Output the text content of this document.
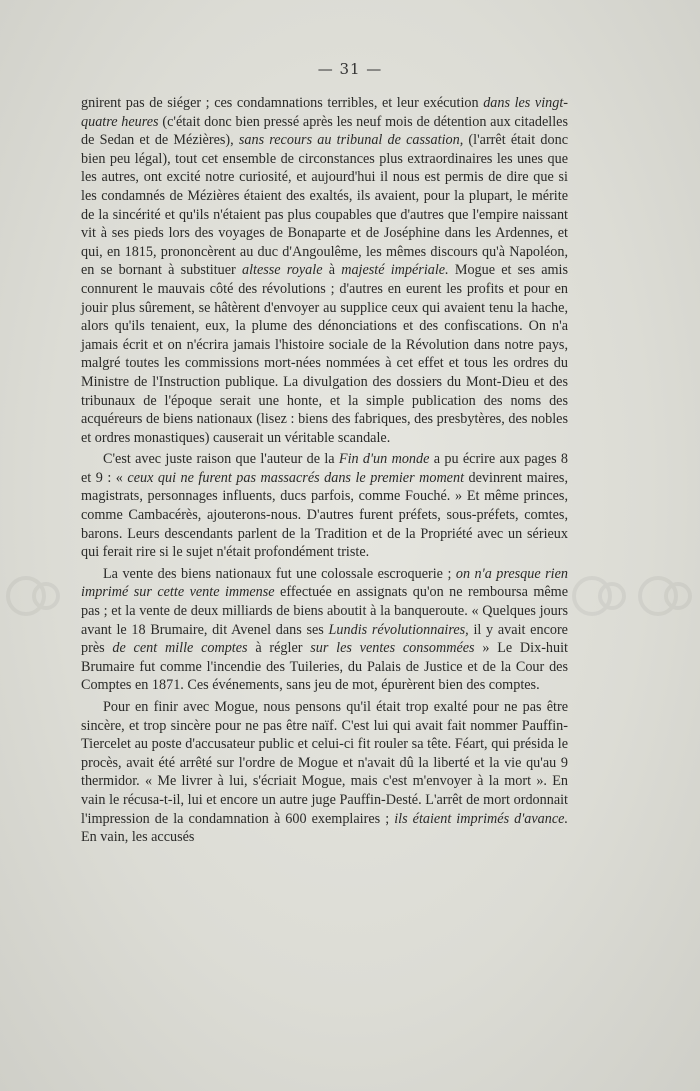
— 31 —

gnirent pas de siéger ; ces condamnations terribles, et leur exécution dans les vingt-quatre heures (c'était donc bien pressé après les neuf mois de détention aux citadelles de Sedan et de Mézières), sans recours au tribunal de cassation, (l'arrêt était donc bien peu légal), tout cet ensemble de circonstances plus extraordinaires les unes que les autres, ont excité notre curiosité, et aujourd'hui il nous est permis de dire que si les condamnés de Mézières étaient des exaltés, ils avaient, pour la plupart, le mérite de la sincérité et qu'ils n'étaient pas plus coupables que d'autres que l'empire naissant vit à ses pieds lors des voyages de Bonaparte et de Joséphine dans les Ardennes, et qui, en 1815, prononcèrent au duc d'Angoulême, les mêmes discours qu'à Napoléon, en se bornant à substituer altesse royale à majesté impériale. Mogue et ses amis connurent le mauvais côté des révolutions ; d'autres en eurent les profits et pour en jouir plus sûrement, se hâtèrent d'envoyer au supplice ceux qui avaient tenu la hache, alors qu'ils tenaient, eux, la plume des dénonciations et des confiscations. On n'a jamais écrit et on n'écrira jamais l'histoire sociale de la Révolution dans notre pays, malgré toutes les commissions mort-nées nommées à cet effet et tous les ordres du Ministre de l'Instruction publique. La divulgation des dossiers du Mont-Dieu et des tribunaux de l'époque serait une honte, et la simple publication des noms des acquéreurs de biens nationaux (lisez : biens des fabriques, des presbytères, des nobles et ordres monastiques) causerait un véritable scandale.

C'est avec juste raison que l'auteur de la Fin d'un monde a pu écrire aux pages 8 et 9 : « ceux qui ne furent pas massacrés dans le premier moment devinrent maires, magistrats, personnages influents, ducs parfois, comme Fouché. » Et même princes, comme Cambacérès, ajouterons-nous. D'autres furent préfets, sous-préfets, comtes, barons. Leurs descendants parlent de la Tradition et de la Propriété avec un sérieux qui ferait rire si le sujet n'était profondément triste.

La vente des biens nationaux fut une colossale escroquerie ; on n'a presque rien imprimé sur cette vente immense effectuée en assignats qu'on ne remboursa même pas ; et la vente de deux milliards de biens aboutit à la banqueroute. « Quelques jours avant le 18 Brumaire, dit Avenel dans ses Lundis révolutionnaires, il y avait encore près de cent mille comptes à régler sur les ventes consommées » Le Dix-huit Brumaire fut comme l'incendie des Tuileries, du Palais de Justice et de la Cour des Comptes en 1871. Ces événements, sans jeu de mot, épurèrent bien des comptes.

Pour en finir avec Mogue, nous pensons qu'il était trop exalté pour ne pas être sincère, et trop sincère pour ne pas être naïf. C'est lui qui avait fait nommer Pauffin-Tiercelet au poste d'accusateur public et celui-ci fit rouler sa tête. Féart, qui présida le procès, avait été arrêté sur l'ordre de Mogue et n'avait dû la liberté et la vie qu'au 9 thermidor. « Me livrer à lui, s'écriait Mogue, mais c'est m'envoyer à la mort ». En vain le récusa-t-il, lui et encore un autre juge Pauffin-Desté. L'arrêt de mort ordonnait l'impression de la condamnation à 600 exemplaires ; ils étaient imprimés d'avance. En vain, les accusés
